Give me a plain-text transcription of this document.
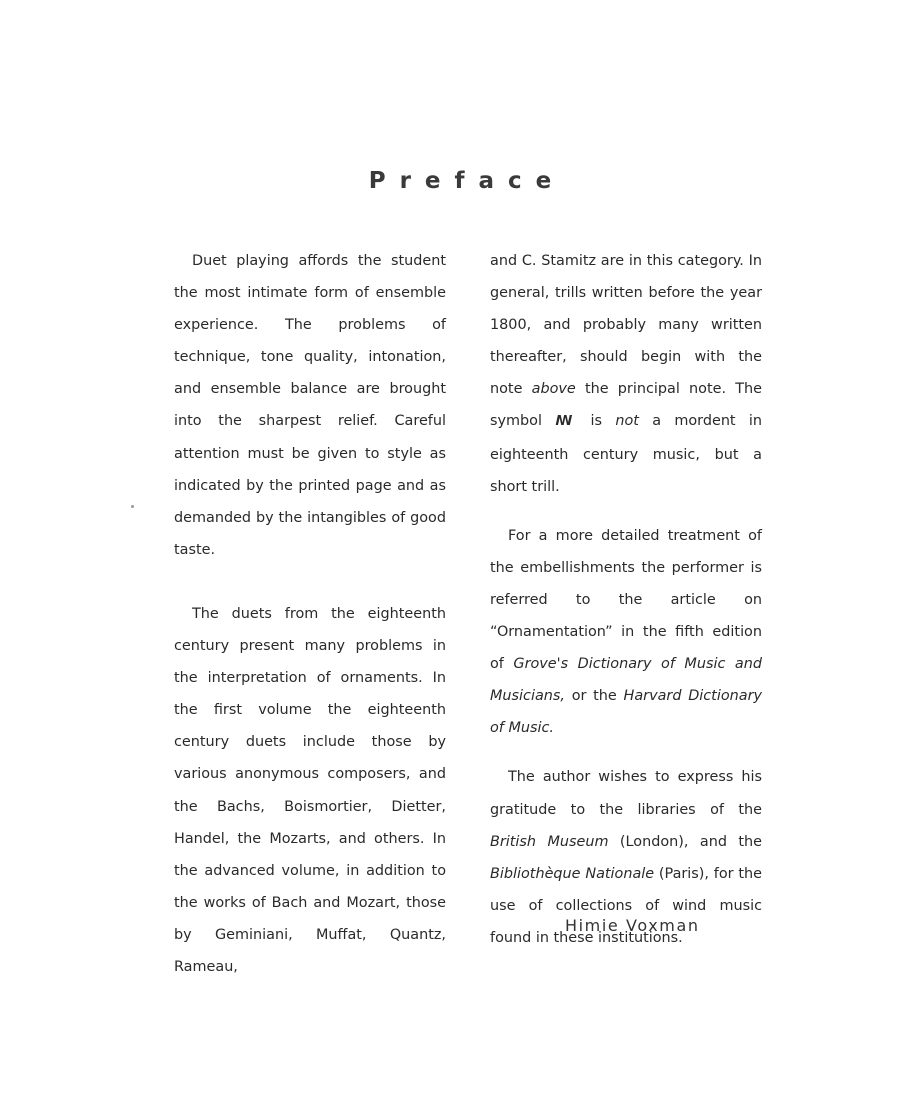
Preface

Duet playing affords the student the most intimate form of ensemble experience. The problems of technique, tone quality, intonation, and ensemble balance are brought into the sharpest relief. Careful attention must be given to style as indicated by the printed page and as demanded by the intangibles of good taste.

The duets from the eighteenth century present many problems in the interpretation of ornaments. In the first volume the eighteenth century duets include those by various anonymous composers, and the Bachs, Boismortier, Dietter, Handel, the Mozarts, and others. In the advanced volume, in addition to the works of Bach and Mozart, those by Geminiani, Muffat, Quantz, Rameau,

and C. Stamitz are in this category. In general, trills written before the year 1800, and probably many written thereafter, should begin with the note above the principal note. The symbol ꟿ is not a mordent in eighteenth century music, but a short trill.

For a more detailed treatment of the embellishments the performer is referred to the article on “Ornamentation” in the fifth edition of Grove's Dictionary of Music and Musicians, or the Harvard Dictionary of Music.

The author wishes to express his gratitude to the libraries of the British Museum (London), and the Bibliothèque Nationale (Paris), for the use of collections of wind music found in these institutions.

Himie Voxman
